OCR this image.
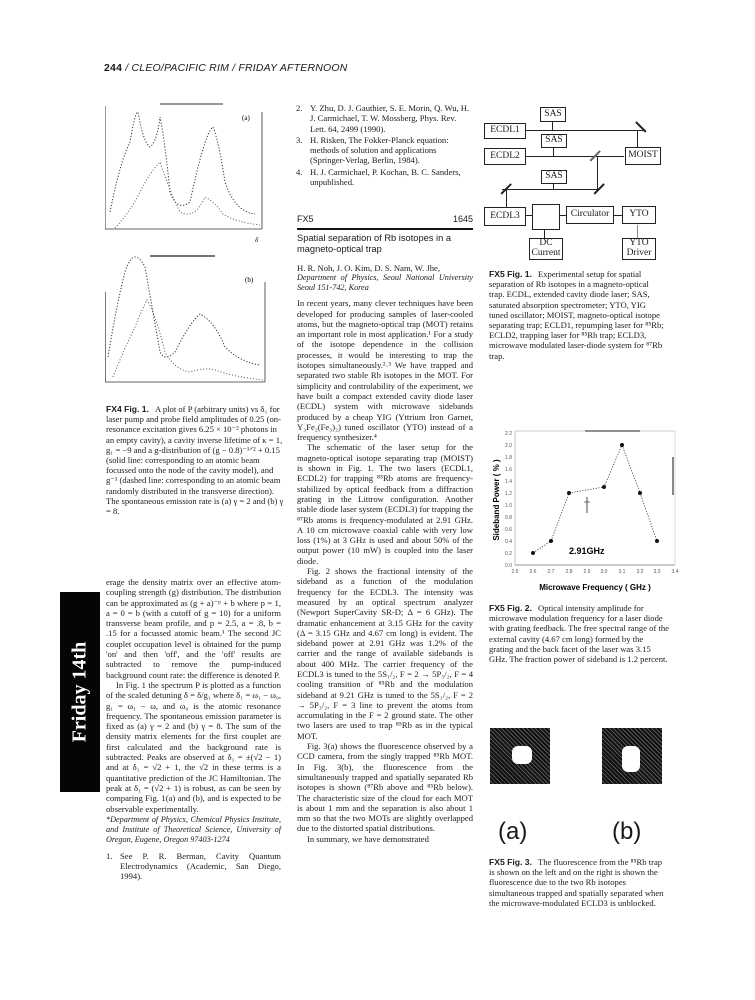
244 / CLEO/PACIFIC RIM / FRIDAY AFTERNOON
Friday 14th
(a)
δ
(b)
FX4 Fig. 1. A plot of P (arbitrary units) vs δ₁ for laser pump and probe field amplitudes of 0.25 (on-resonance excitation gives 6.25 × 10⁻² photons in an empty cavity), a cavity inverse lifetime of κ = 1, g₁ = −9 and a g-distribution of (g − 0.8)⁻¹ᐟ² + 0.15 (solid line: corresponding to an atomic beam focussed onto the node of the cavity model), and g⁻¹ (dashed line: corresponding to an atomic beam randomly distributed in the transverse direction). The spontaneous emission rate is (a) γ = 2 and (b) γ = 8.

erage the density matrix over an effective atom-coupling strength (g) distribution. The distribution can be approximated as (g + a)⁻ᵖ + b where p = 1, a = 0 = b (with a cutoff of g = 10) for a uniform transverse beam profile, and p = 2.5, a = .8, b = .15 for a focussed atomic beam.¹ The second JC couplet occupation level is obtained for the pump 'on' and then 'off', and the 'off' results are subtracted to remove the pump-induced background count rate: the difference is denoted P.

In Fig. 1 the spectrum P is plotted as a function of the scaled detuning δ = δ/g₁ where δ₁ = ω₁ − ω₀, g₁ = ω₁ − ω, and ω₀ is the atomic resonance frequency. The spontaneous emission parameter is fixed as (a) γ = 2 and (b) γ = 8. The sum of the density matrix elements for the first couplet are first calculated and the background rate is subtracted. Peaks are observed at δ₁ = ±(√2 − 1) and at δ₁ = √2 + 1, the √2 in these terms is a quantitative prediction of the JC Hamiltonian. The peak at δ₁ = (√2 + 1) is robust, as can be seen by comparing Fig. 1(a) and (b), and is expected to be observable experimentally.

*Department of Physics, Chemical Physics Institute, and Institute of Theoretical Science, University of Oregon, Eugene, Oregon 97403-1274

1. See P. R. Berman, Cavity Quantum Electrodynamics (Academic, San Diego, 1994).
2. Y. Zhu, D. J. Gauthier, S. E. Morin, Q. Wu, H. J. Carmichael, T. W. Mossberg, Phys. Rev. Lett. 64, 2499 (1990).
3. H. Risken, The Fokker-Planck equation: methods of solution and applications (Springer-Verlag, Berlin, 1984).
4. H. J. Carmichael, P. Kochan, B. C. Sanders, unpublished.
FX5	1645
Spatial separation of Rb isotopes in a magneto-optical trap

H. R. Noh, J. O. Kim, D. S. Nam, W. Jhe,

Department of Physics, Seoul National University Seoul 151-742, Korea

In recent years, many clever techniques have been developed for producing samples of laser-cooled atoms, but the magneto-optical trap (MOT) retains an important role in most application.¹ For a study of the isotope dependence in the collision processes, it would be interesting to trap the isotopes simultaneously.²˒³ We have trapped and separated two stable Rb isotopes in the MOT. For simplicity and controlability of the experiment, we have built a compact extended cavity diode laser (ECDL) system with microwave sidebands produced by a cheap YIG (Yttrium Iron Garnet, Y₃Fe₂(Fe₃)₂) tuned oscillator (YTO) instead of a frequency synthesizer.⁴

The schematic of the laser setup for the magneto-optical isotope separating trap (MOIST) is shown in Fig. 1. The two lasers (ECDL1, ECDL2) for trapping ⁸⁵Rb atoms are frequency-stabilized by optical feedback from a diffraction grating in the Littrow configuration. Another stable diode laser system (ECDL3) for trapping the ⁸⁷Rb atoms is frequency-modulated at 2.91 GHz. A 10 cm microwave coaxial cable with very low loss (1%) at 3 GHz is used and about 50% of the output power (10 mW) is coupled into the laser diode.

Fig. 2 shows the fractional intensity of the sideband as a function of the modulation frequency for the ECDL3. The intensity was measured by an optical spectrum analyzer (Newport SuperCavity SR-D; Δ = 6 GHz). The dramatic enhancement at 3.15 GHz for the cavity (Δ = 3.15 GHz and 4.67 cm long) is evident. The sideband power at 2.91 GHz was 1.2% of the carrier and the range of available sidebands is about 400 MHz. The carrier frequency of the ECDL3 is tuned to the 5S₁/₂, F = 2 → 5P₃/₂, F = 4 cooling transition of ⁸⁵Rb and the modulation sideband at 9.21 GHz is tuned to the 5S₁/₂, F = 2 → 5P₃/₂, F = 3 line to prevent the atoms from accumulating in the F = 2 ground state. The other two lasers are used to trap ⁸⁵Rb as in the typical MOT.

Fig. 3(a) shows the fluorescence observed by a CCD camera, from the singly trapped ⁸⁵Rb MOT. In Fig. 3(b), the fluorescence from the simultaneously trapped and spatially separated Rb isotopes is shown (⁸⁷Rb above and ⁸⁵Rb below). The characteristic size of the cloud for each MOT is about 1 mm and the separation is also about 1 mm so that the two MOTs are slightly overlapped due to the distorted spatial distributions.

In summary, we have demonstrated

SAS
ECDL1
SAS
ECDL2	MOIST
SAS
ECDL3	Circulator	YTO
DC Current
YTO Driver
FX5 Fig. 1. Experimental setup for spatial separation of Rb isotopes in a magneto-optical trap. ECDL, extended cavity diode laser; SAS, saturated absorption spectrometer; YTO, YIG tuned oscillator; MOIST, magneto-optical isotope separating trap; ECLD1, repumping laser for ⁸⁵Rb; ECLD2, trapping laser for ⁸⁵Rb trap; ECLD3, microwave modulated laser-diode system for ⁸⁷Rb trap.
0.0
0.2
0.4
0.6
0.8
1.0
1.2
1.4
1.6
1.8
2.0
2.2
2.5 2.6 2.7 2.8 2.9 3.0 3.1 3.2 3.3 3.4
2.91GHz
Microwave Frequency ( GHz )
Sideband Power ( % )
FX5 Fig. 2. Optical intensity amplitude for microwave modulation frequency for a laser diode with grating feedback. The free spectral range of the external cavity (4.67 cm long) formed by the grating and the back facet of the laser was 3.15 GHz. The fraction power of sideband is 1.2 percent.
(a)	(b)
FX5 Fig. 3. The fluorescence from the ⁸⁵Rb trap is shown on the left and on the right is shown the fluorescence due to the two Rb isotopes simultaneous trapped and spatially separated when the microwave-modulated ECLD3 is unblocked.
